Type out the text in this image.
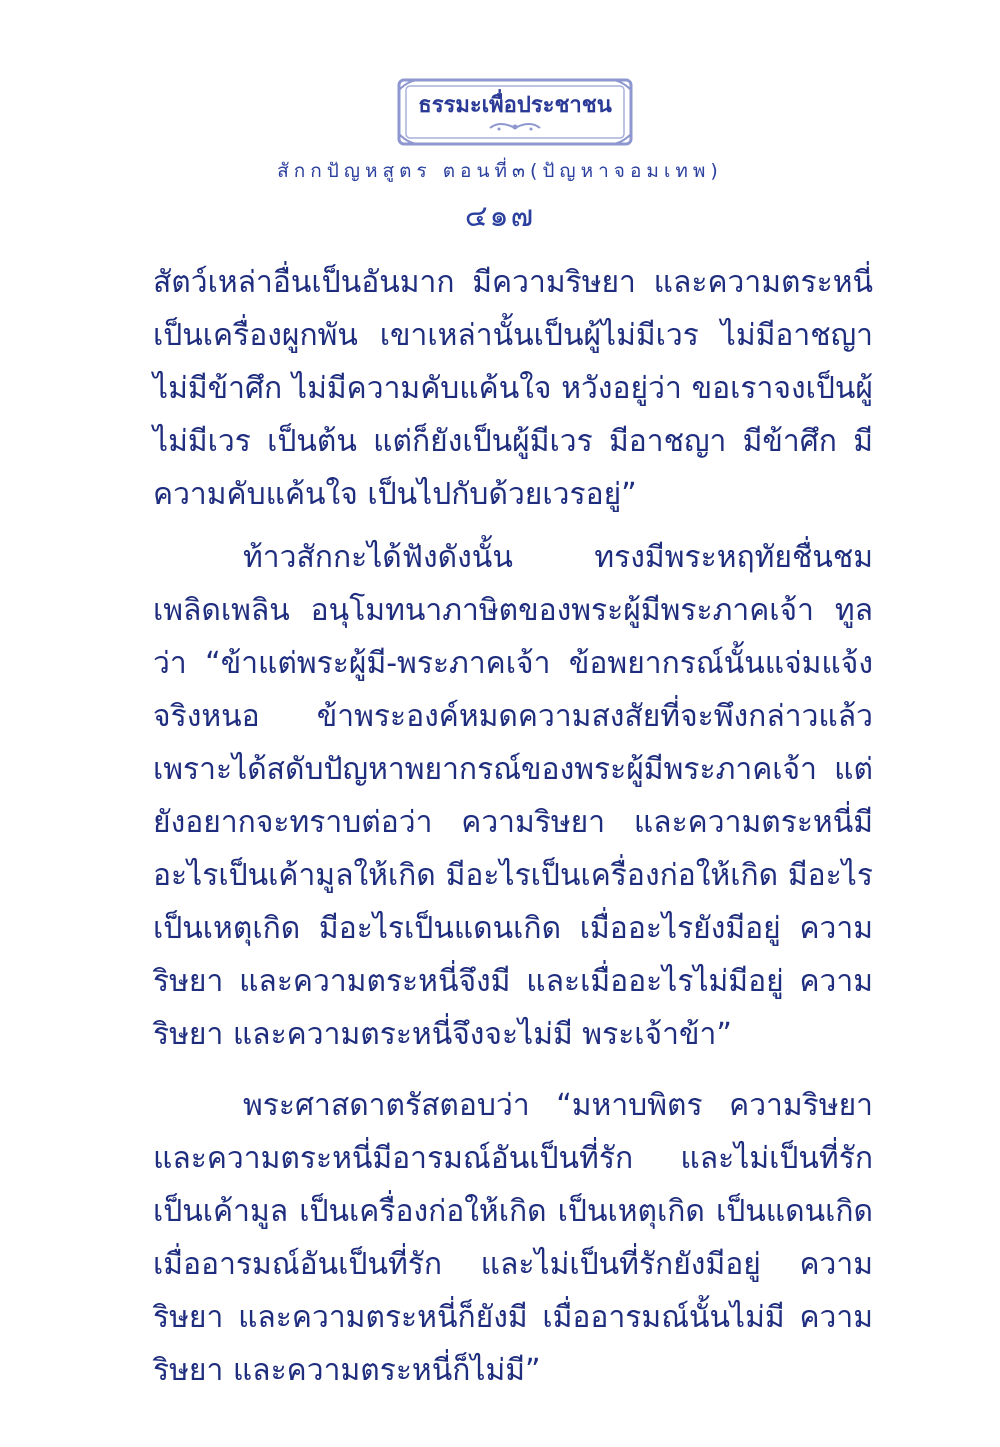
ธรรมะเพื่อประชาชน
สักกปัญหสูตร ตอนที่๓(ปัญหาจอมเทพ)
๔๑๗

สัตว์เหล่าอื่นเป็นอันมาก มีความริษยา และความตระหนี่เป็นเครื่องผูกพัน เขาเหล่านั้นเป็นผู้ไม่มีเวร ไม่มีอาชญา ไม่มีข้าศึก ไม่มีความคับแค้นใจ หวังอยู่ว่า ขอเราจงเป็นผู้ไม่มีเวร เป็นต้น แต่ก็ยังเป็นผู้มีเวร มีอาชญา มีข้าศึก มีความคับแค้นใจ เป็นไปกับด้วยเวรอยู่”

ท้าวสักกะได้ฟังดังนั้น ทรงมีพระหฤทัยชื่นชม เพลิดเพลิน อนุโมทนาภาษิตของพระผู้มีพระภาคเจ้า ทูลว่า “ข้าแต่พระผู้มี-พระภาคเจ้า ข้อพยากรณ์นั้นแจ่มแจ้งจริงหนอ ข้าพระองค์หมดความสงสัยที่จะพึงกล่าวแล้ว เพราะได้สดับปัญหาพยากรณ์ของพระผู้มีพระภาคเจ้า แต่ยังอยากจะทราบต่อว่า ความริษยา และความตระหนี่มีอะไรเป็นเค้ามูลให้เกิด มีอะไรเป็นเครื่องก่อให้เกิด มีอะไรเป็นเหตุเกิด มีอะไรเป็นแดนเกิด เมื่ออะไรยังมีอยู่ ความริษยา และความตระหนี่จึงมี และเมื่ออะไรไม่มีอยู่ ความริษยา และความตระหนี่จึงจะไม่มี พระเจ้าข้า”

พระศาสดาตรัสตอบว่า “มหาบพิตร ความริษยา และความตระหนี่มีอารมณ์อันเป็นที่รัก และไม่เป็นที่รักเป็นเค้ามูล เป็นเครื่องก่อให้เกิด เป็นเหตุเกิด เป็นแดนเกิด เมื่ออารมณ์อันเป็นที่รัก และไม่เป็นที่รักยังมีอยู่ ความริษยา และความตระหนี่ก็ยังมี เมื่ออารมณ์นั้นไม่มี ความริษยา และความตระหนี่ก็ไม่มี”
